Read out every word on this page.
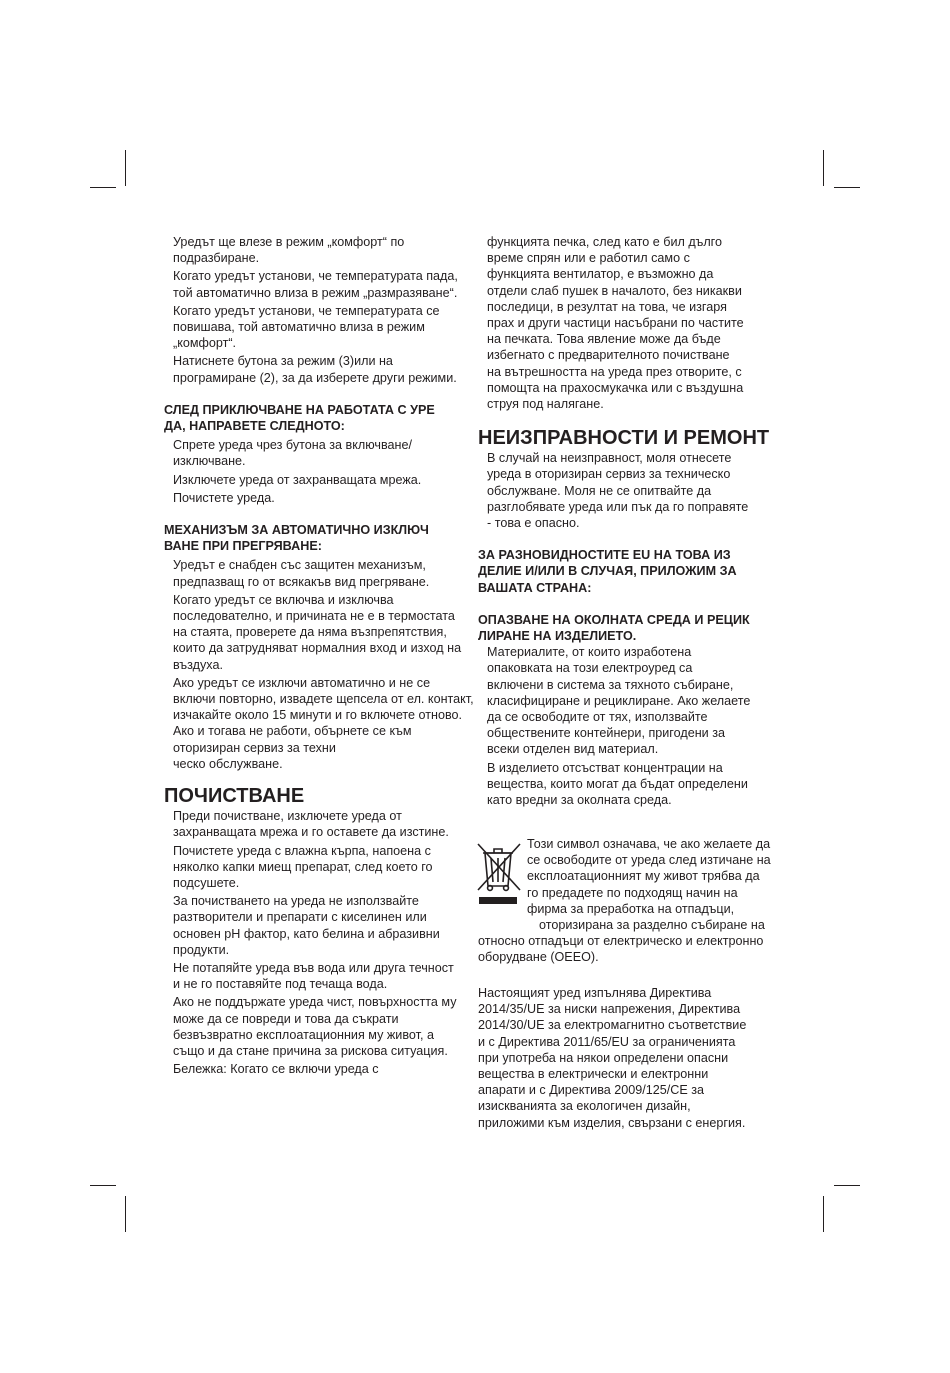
Уредът ще влезе в режим „комфорт“ по подразбиране.

Когато уредът установи, че температурата пада, той автоматично влиза в режим „размразяване“.

Когато уредът установи, че температурата се повишава, той автоматично влиза в режим „комфорт“.

Натиснете бутона за режим (3)или на програмиране (2), за да изберете други режими.

СЛЕД ПРИКЛЮЧВАНЕ НА РАБОТАТА С УРЕ
ДА, НАПРАВЕТЕ СЛЕДНОТО:

Спрете уреда чрез бутона за включване/ изключване.

Изключете уреда от захранващата мрежа.

Почистете уреда.

МЕХАНИЗЪМ ЗА АВТОМАТИЧНО ИЗКЛЮЧ
ВАНЕ ПРИ ПРЕГРЯВАНЕ:

Уредът е снабден със защитен механизъм, предпазващ го от всякакъв вид прегряване.

Когато уредът се включва и изключва последователно, и причината не е в термостата на стаята, проверете да няма възпрепятствия, които да затрудняват нормалния вход и изход на въздуха.

Ако уредът се изключи автоматично и не се включи повторно, извадете щепсела от ел. контакт, изчакайте около 15 минути и го включете отново. Ако и тогава не работи, обърнете се към оторизиран сервиз за техни

ческо обслужване.

ПОЧИСТВАНЕ

Преди почистване, изключете уреда от захранващата мрежа и го оставете да изстине.

Почистете уреда с влажна кърпа, напоена с няколко капки миещ препарат, след което го подсушете.

За почистването на уреда не използвайте разтворители и препарати с киселинен или основен pH фактор, като белина и абразивни продукти.

Не потапяйте уреда във вода или друга течност и не го поставяйте под течаща вода.

Ако не поддържате уреда чист, повърхността му може да се повреди и това да съкрати безвъзвратно експлоатационния му живот, а също и да стане причина за рискова ситуация.

Бележка: Когато се включи уреда с

функцията печка, след като е бил дълго
време спрян или е работил само с
функцията вентилатор, е възможно да
отдели слаб пушек в началото, без никакви
последици, в резултат на това, че изгаря
прах и други частици насъбрани по частите
на печката. Това явление може да бъде
избегнато с предварителното почистване
на вътрешността на уреда през отворите, с
помощта на прахосмукачка или с въздушна
струя под налягане.
НЕИЗПРАВНОСТИ И РЕМОНТ
В случай на неизправност, моля отнесете
уреда в оторизиран сервиз за техническо
обслужване. Моля не се опитвайте да
разглобявате уреда или пък да го поправяте
- това е опасно.
ЗА РАЗНОВИДНОСТИТЕ EU НА ТОВА ИЗ
ДЕЛИЕ И/ИЛИ В СЛУЧАЯ, ПРИЛОЖИМ ЗА
ВАШАТА СТРАНА:
ОПАЗВАНЕ НА ОКОЛНАТА СРЕДА И РЕЦИК
ЛИРАНЕ НА ИЗДЕЛИЕТО.
Материалите, от които изработена
опаковката на този електроуред са
включени в система за тяхното събиране,
класифициране и рециклиране. Ако желаете
да се освободите от тях, използвайте
обществените контейнери, пригодени за
всеки отделен вид материал.
В изделието отсъстват концентрации на
вещества, които могат да бъдат определени
като вредни за околната среда.
Този символ означава, че ако желаете да
се освободите от уреда след изтичане на
експлоатационният му живот трябва да
го предадете по подходящ начин на
фирма за преработка на отпадъци,
оторизирана за разделно събиране на
отнoсно отпадъци от електрическо и електронно
оборудване (ОЕЕО).
Настоящият уред изпълнява Директива
2014/35/UE за ниски напрежения, Директива
2014/30/UE за електромагнитно съответствие
и с Директива 2011/65/EU за ограниченията
при употреба на някои определени опасни
вещества в електрически и електронни
апарати и с Директива 2009/125/CE за
изискванията за екологичен дизайн,
приложими към изделия, свързани с енергия.
